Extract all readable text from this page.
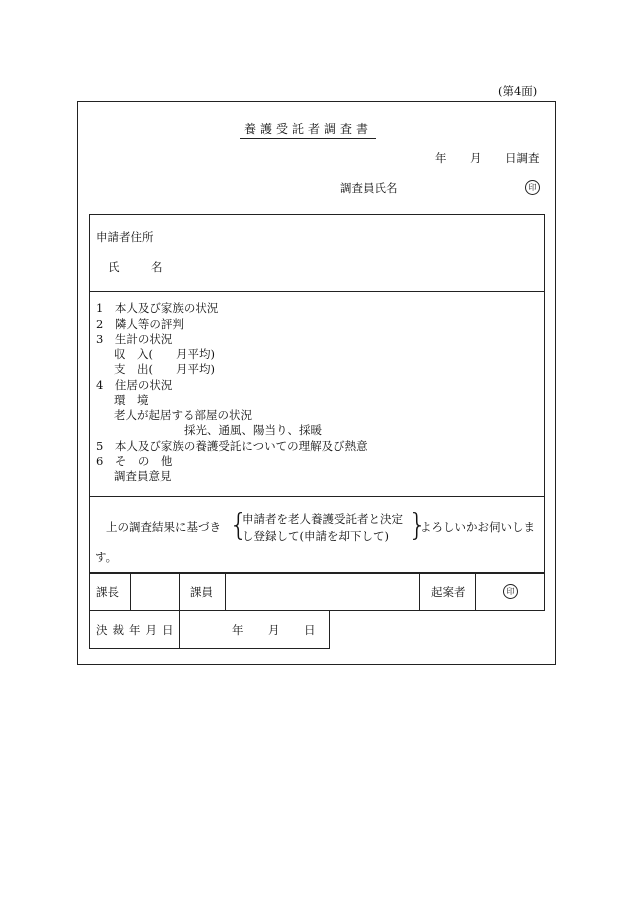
(第4面)
養護受託者調査書
年 月 日調査
調査員氏名	印
申請者住所
氏　名
1　本人及び家族の状況
2　隣人等の評判
3　生計の状況
収　入(　　月平均)
支　出(　　月平均)
4　住居の状況
環　境
老人が起居する部屋の状況
採光、通風、陽当り、採暖
5　本人及び家族の養護受託についての理解及び熱意
6　そ　の　他
調査員意見
上の調査結果に基づき {
申請者を老人養護受託者と決定
し登録して(申請を却下して) }
よろしいかお伺いしま
す。
課長	課員	起案者	印
決裁年月日	年 月 日
